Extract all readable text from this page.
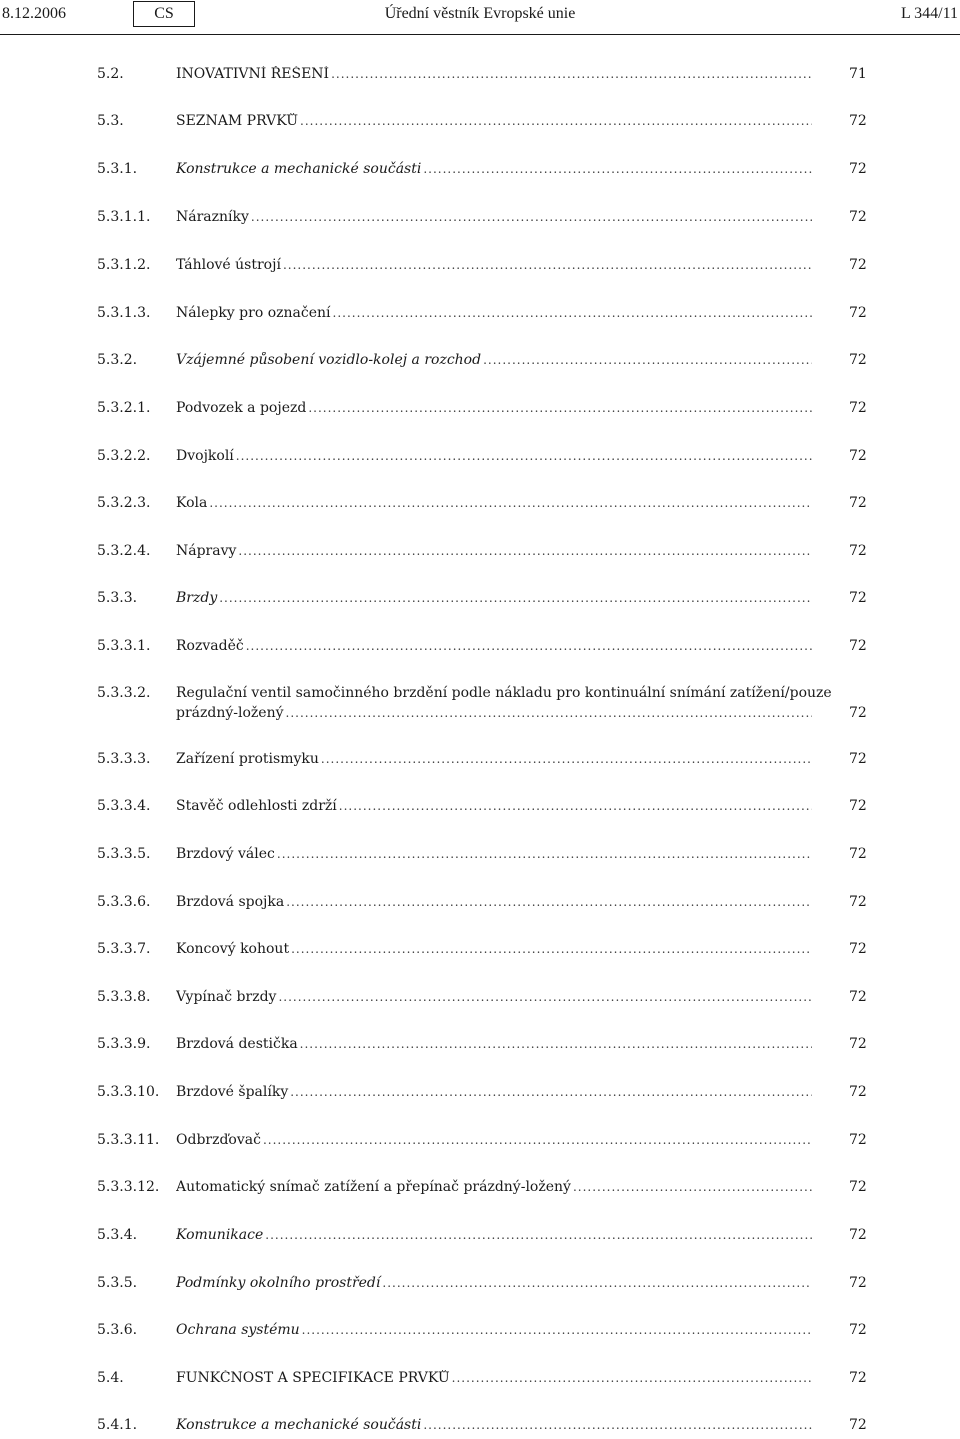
8.12.2006	CS	Úřední věstník Evropské unie	L 344/11
5.2.	INOVATIVNÍ ŘEŠENÍ .....	71
5.3.	SEZNAM PRVKŮ .....	72
5.3.1.	Konstrukce a mechanické součásti .....	72
5.3.1.1. Nárazníky .....	72
5.3.1.2. Táhlové ústrojí .....	72
5.3.1.3. Nálepky pro označení .....	72
5.3.2.	Vzájemné působení vozidlo-kolej a rozchod .....	72
5.3.2.1. Podvozek a pojezd .....	72
5.3.2.2. Dvojkolí .....	72
5.3.2.3. Kola .....	72
5.3.2.4. Nápravy .....	72
5.3.3.	Brzdy .....	72
5.3.3.1. Rozvaděč .....	72
5.3.3.2. Regulační ventil samočinného brzdění podle nákladu pro kontinuální snímání zatížení/pouze
prázdný-ložený .....	72
5.3.3.3. Zařízení protismyku .....	72
5.3.3.4. Stavěč odlehlosti zdrží .....	72
5.3.3.5. Brzdový válec .....	72
5.3.3.6. Brzdová spojka .....	72
5.3.3.7. Koncový kohout .....	72
5.3.3.8. Vypínač brzdy .....	72
5.3.3.9. Brzdová destička .....	72
5.3.3.10. Brzdové špalíky .....	72
5.3.3.11. Odbrzďovač .....	72
5.3.3.12. Automatický snímač zatížení a přepínač prázdný-ložený .....	72
5.3.4.	Komunikace .....	72
5.3.5.	Podmínky okolního prostředí .....	72
5.3.6.	Ochrana systému .....	72
5.4.	FUNKČNOST A SPECIFIKACE PRVKŮ .....	72
5.4.1.	Konstrukce a mechanické součásti .....	72
